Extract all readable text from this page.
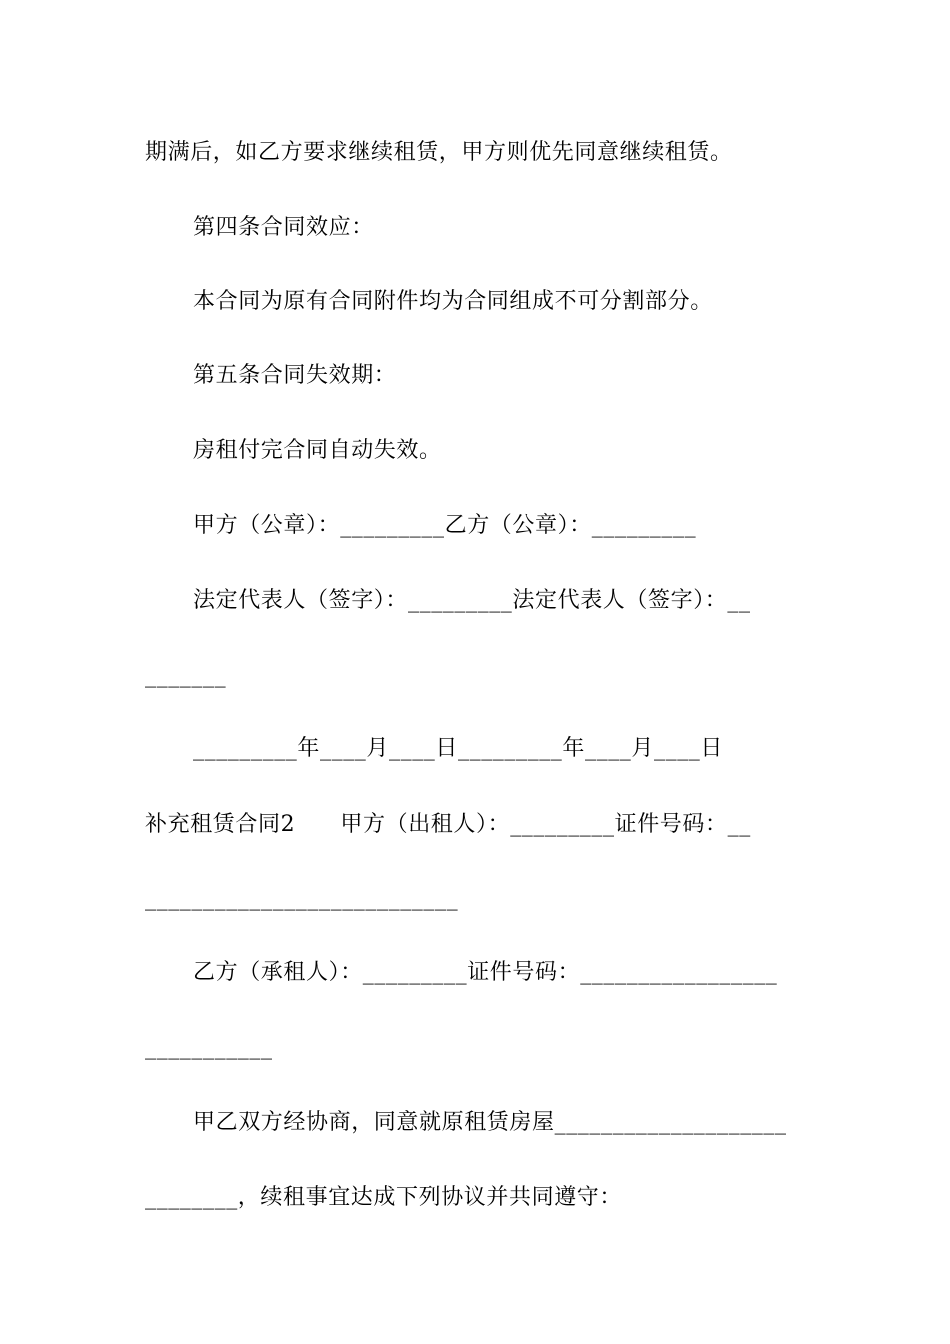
期满后，如乙方要求继续租赁，甲方则优先同意继续租赁。
第四条合同效应：
本合同为原有合同附件均为合同组成不可分割部分。
第五条合同失效期：
房租付完合同自动失效。
甲方（公章）：_________乙方（公章）：_________
法定代表人（签字）：_________法定代表人（签字）：__
_______
_________年____月____日_________年____月____日
补充租赁合同2　　甲方（出租人）：_________证件号码：__
___________________________
乙方（承租人）：_________证件号码：_________________
___________
甲乙双方经协商，同意就原租赁房屋____________________
________，续租事宜达成下列协议并共同遵守：
